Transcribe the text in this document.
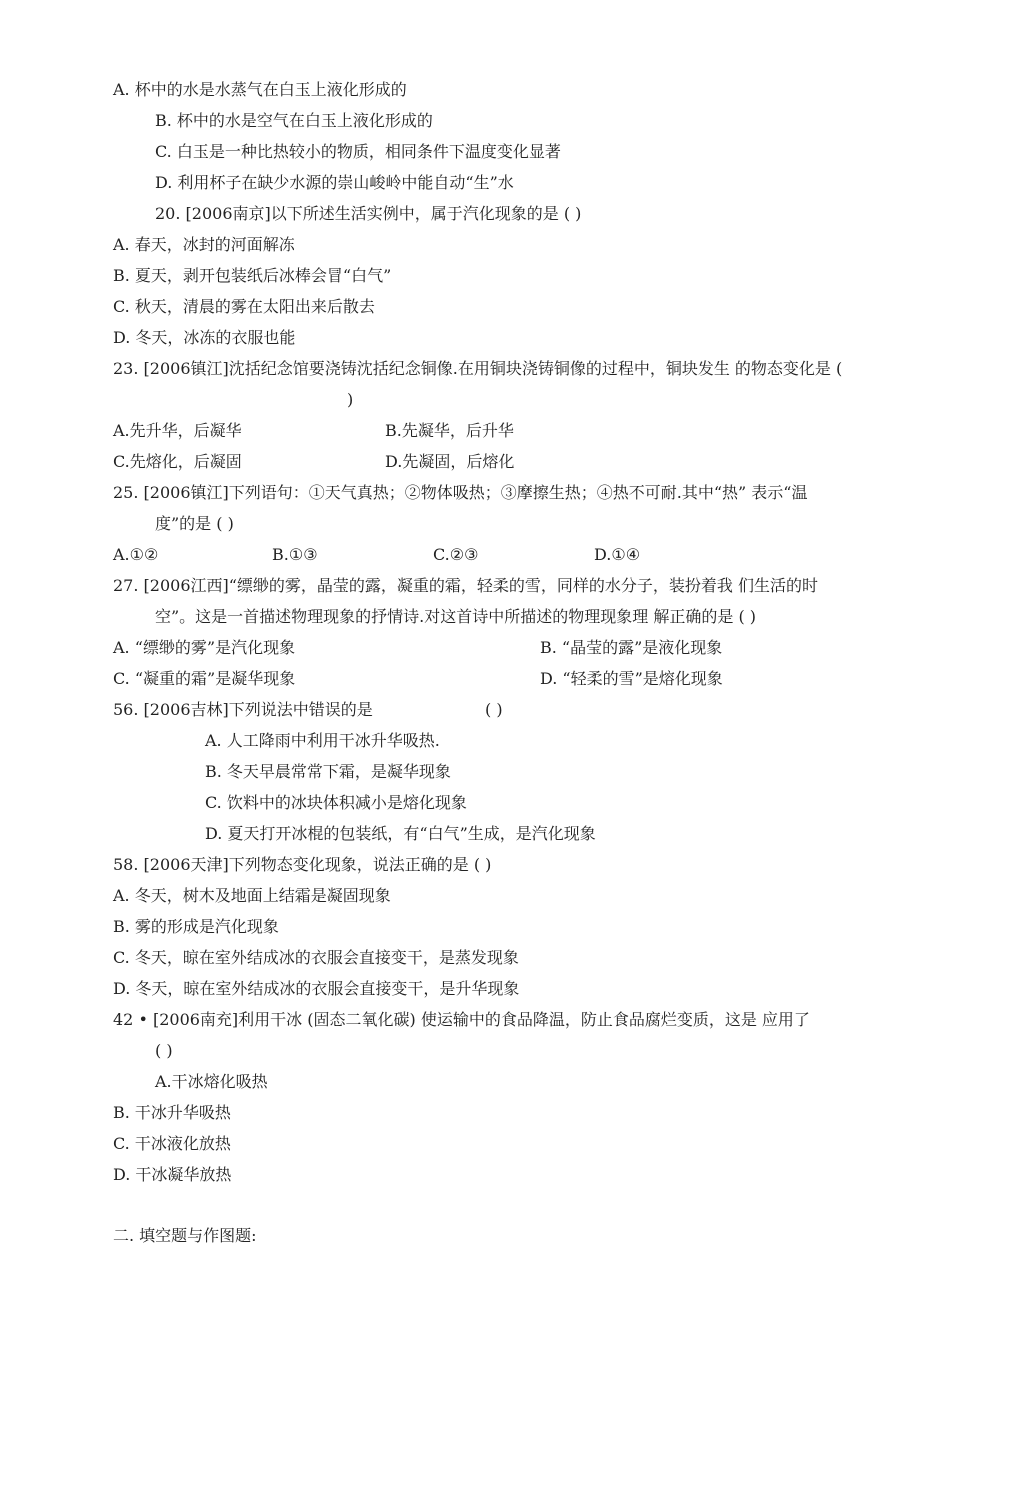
A. 杯中的水是水蒸气在白玉上液化形成的
B. 杯中的水是空气在白玉上液化形成的
C. 白玉是一种比热较小的物质，相同条件下温度变化显著
D. 利用杯子在缺少水源的崇山峻岭中能自动“生”水
20. [2006南京]以下所述生活实例中，属于汽化现象的是 ( )
A. 春天，冰封的河面解冻
B. 夏天，剥开包装纸后冰棒会冒“白气”
C. 秋天，清晨的雾在太阳出来后散去
D. 冬天，冰冻的衣服也能
23. [2006镇江]沈括纪念馆要浇铸沈括纪念铜像.在用铜块浇铸铜像的过程中，铜块发生 的物态变化是 (
)
A.先升华，后凝华	B.先凝华，后升华
C.先熔化，后凝固	D.先凝固，后熔化
25. [2006镇江]下列语句：①天气真热；②物体吸热；③摩擦生热；④热不可耐.其中“热” 表示“温
度”的是 ( )
A.①②	B.①③	C.②③	D.①④
27. [2006江西]“缥缈的雾，晶莹的露，凝重的霜，轻柔的雪，同样的水分子，装扮着我 们生活的时
空”。这是一首描述物理现象的抒情诗.对这首诗中所描述的物理现象理 解正确的是 ( )
A. “缥缈的雾”是汽化现象	B. “晶莹的露”是液化现象
C. “凝重的霜”是凝华现象	D. “轻柔的雪”是熔化现象
56. [2006吉林]下列说法中错误的是	( )
A. 人工降雨中利用干冰升华吸热.
B. 冬天早晨常常下霜，是凝华现象
C. 饮料中的冰块体积减小是熔化现象
D. 夏天打开冰棍的包装纸，有“白气”生成，是汽化现象
58. [2006天津]下列物态变化现象，说法正确的是 ( )
A. 冬天，树木及地面上结霜是凝固现象
B. 雾的形成是汽化现象
C. 冬天，晾在室外结成冰的衣服会直接变干，是蒸发现象
D. 冬天，晾在室外结成冰的衣服会直接变干，是升华现象
42 • [2006南充]利用干冰 (固态二氧化碳) 使运输中的食品降温，防止食品腐烂变质，这是 应用了
( )
A.干冰熔化吸热
B. 干冰升华吸热
C. 干冰液化放热
D. 干冰凝华放热
二. 填空题与作图题:
